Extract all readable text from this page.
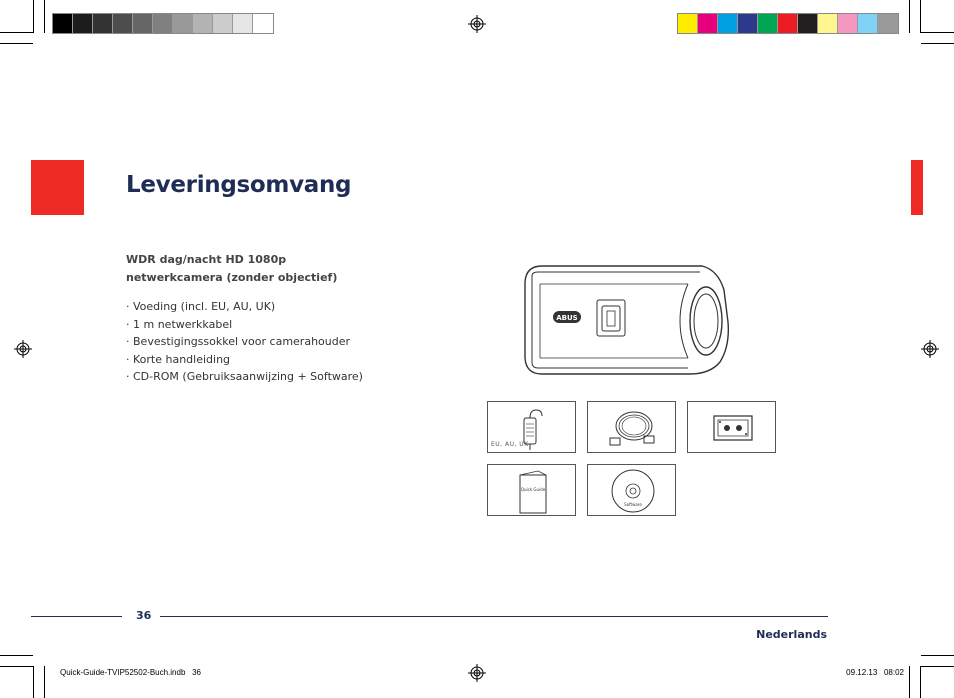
Leveringsomvang
WDR dag/nacht HD 1080p
netwerkcamera (zonder objectief)
· Voeding (incl. EU, AU, UK)
· 1 m netwerkkabel
· Bevestigingssokkel voor camerahouder
· Korte handleiding
· CD-ROM (Gebruiksaanwijzing + Software)
ABUS
EU, AU, UK
Quick Guide
Software
36
Nederlands
Quick-Guide-TVIP52502-Buch.indb   36	09.12.13   08:02
